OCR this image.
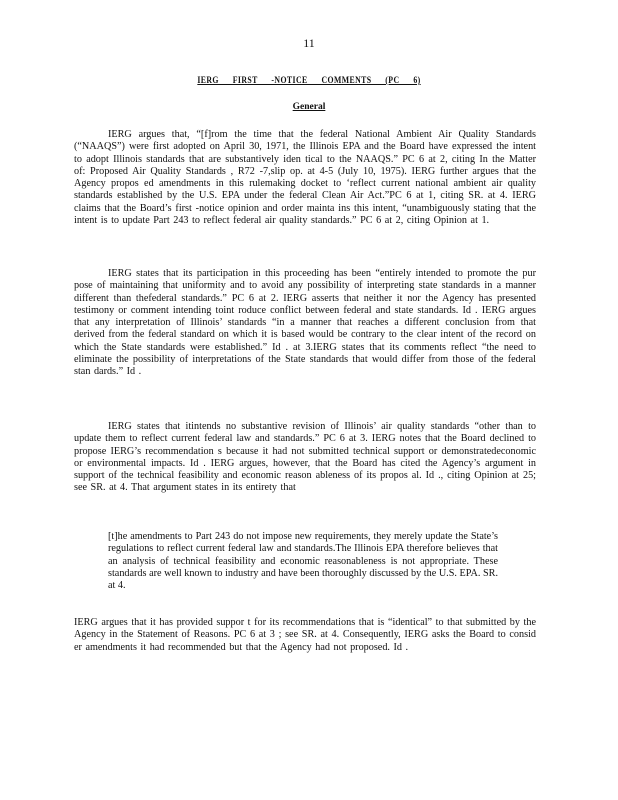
11
IERG FIRST -NOTICE COMMENTS (PC 6)
General

IERG argues that, “[f]rom the time that the federal National Ambient Air Quality Standards (“NAAQS”) were first adopted on April 30, 1971, the Illinois EPA and the Board have expressed the intent to adopt Illinois standards that are substantively iden tical to the NAAQS.” PC 6 at 2, citing In the Matter of: Proposed Air Quality Standards , R72 -7,slip op. at 4-5 (July 10, 1975). IERG further argues that the Agency propos ed amendments in this rulemaking docket to ‘reflect current national ambient air quality standards established by the U.S. EPA under the federal Clean Air Act.”PC 6 at 1, citing SR. at 4. IERG claims that the Board’s first -notice opinion and order mainta ins this intent, “unambiguously stating that the intent is to update Part 243 to reflect federal air quality standards.” PC 6 at 2, citing Opinion at 1.

IERG states that its participation in this proceeding has been “entirely intended to promote the pur pose of maintaining that uniformity and to avoid any possibility of interpreting state standards in a manner different than thefederal standards.” PC 6 at 2. IERG asserts that neither it nor the Agency has presented testimony or comment intending toint roduce conflict between federal and state standards. Id . IERG argues that any interpretation of Illinois’ standards “in a manner that reaches a different conclusion from that derived from the federal standard on which it is based would be contrary to the clear intent of the record on which the State standards were established.” Id . at 3.IERG states that its comments reflect “the need to eliminate the possibility of interpretations of the State standards that would differ from those of the federal stan dards.” Id .

IERG states that itintends no substantive revision of Illinois’ air quality standards “other than to update them to reflect current federal law and standards.” PC 6 at 3. IERG notes that the Board declined to propose IERG’s recommendation s because it had not submitted technical support or demonstratedeconomic or environmental impacts. Id . IERG argues, however, that the Board has cited the Agency’s argument in support of the technical feasibility and economic reason ableness of its propos al. Id ., citing Opinion at 25; see SR. at 4. That argument states in its entirety that

[t]he amendments to Part 243 do not impose new requirements, they merely update the State’s regulations to reflect current federal law and standards.The Illinois EPA therefore believes that an analysis of technical feasibility and economic reasonableness is not appropriate. These standards are well known to industry and have been thoroughly discussed by the U.S. EPA. SR. at 4.

IERG argues that it has provided suppor t for its recommendations that is “identical” to that submitted by the Agency in the Statement of Reasons. PC 6 at 3 ; see SR. at 4. Consequently, IERG asks the Board to consid er amendments it had recommended but that the Agency had not proposed. Id .
